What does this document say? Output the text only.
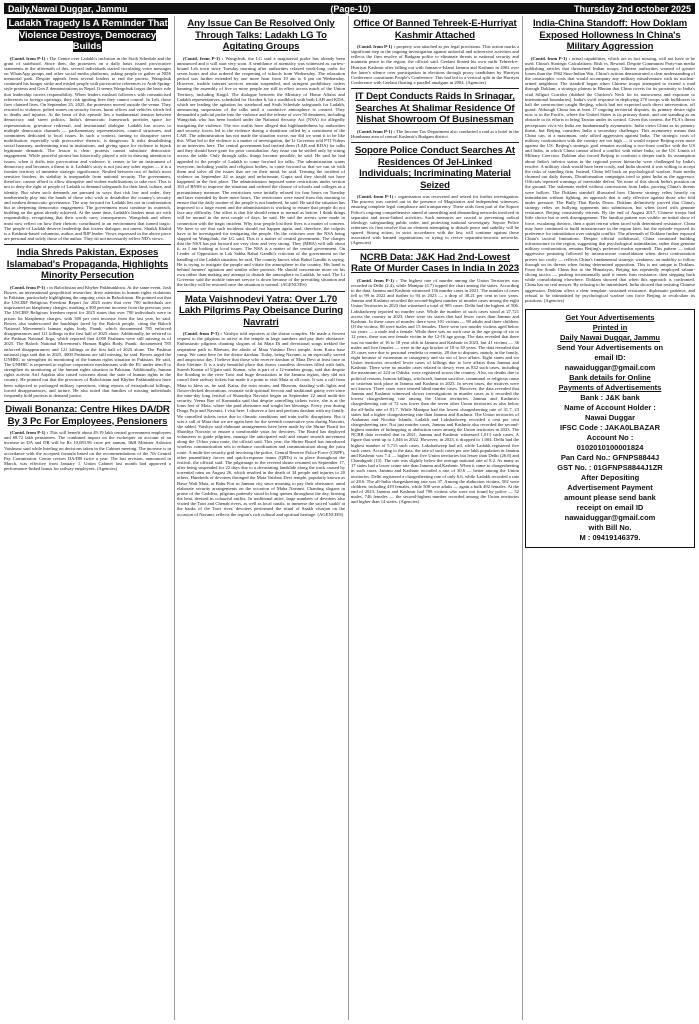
Daily,Nawai Duggar, Jammu	(Page-10)	Thursday 2nd october 2025
Ladakh Tragedy Is A Reminder That Violence Destroys, Democracy Builds

(Contd. from P-1) : The Centre over Ladakh's inclusion in the Sixth Schedule and the grant of statehood. Since then, the protesters on a daily basis issued provocative statements in the aftermath of this, several individuals started circulating voice messages on WhatsApp groups and other social media platforms, asking people to gather at NDS memorial park. Despite appeals from several leaders to end the protest, Wangchuk continued his hunger strike and misled people with provocative references to Arab Spring-style protests and Gen Z demonstrations in Nepal. It seems Wangchuk forgot the basic rule that leadership carries responsibility. When leaders mislead followers with romanticised references to foreign uprisings, they risk igniting fires they cannot control. In Leh, those fires claimed lives. On September 25, 2025, the protesters moved outside the venue. They resorted to violence, pelted stones on security forces, burnt offices and vehicles which led to deaths and injuries. At the heart of this episode lies a fundamental tension between democracy and street politics. India's democratic framework provides space for representation, grievance redressal, and institutional dialogue. Ladakh has access to multiple democratic channels — parliamentary representatives, council structures, and committees dedicated to local issues. In such a context, turning to disruptive street mobilisation, especially with provocative rhetoric, is dangerous. It risks destabilising social harmony, undermining trust in institutions, and giving space for violence to hijack legitimate demands. The lesson is clear: protests cannot substitute democratic engagement. While peaceful protest has historically played a role in drawing attention to issues, when it drifts into provocation and violence, it ceases to be an instrument of democracy and becomes a threat to it. Ladakh's story is not just any other region — it is a frontier territory of immense strategic significance. Nestled between two of India's most sensitive borders, its stability is inseparable from national security. The government, therefore, cannot afford to allow disruptive and violent mobilisations to take root. This is not to deny the right of people of Ladakh to demand safeguards for their land, culture, and identity. But when such demands are pursued in ways that risk law and order, they inadvertently play into the hands of those who wish to destabilise the country's security and weaken democratic governance. The way forward for Ladakh lies not in confrontation but in deepening democratic engagement. The government must continue its outreach, building on the gains already achieved. At the same time, Ladakh's leaders must act with responsibility, recognising that their words carry consequences. Wangchuk and others must now reflect on how their rhetoric contributed to an environment that turned tragic. The people of Ladakh deserve leadership that fosters dialogue, not unrest. Shaikh Khalid is a Kashmir-based columnist, author, and BJP leader. Views expressed in the above piece are personal and solely those of the author. They do not necessarily reflect ND's views.

India Shreds Pakistan, Exposes Islamabad's Propaganda, Highlights Minority Persecution

(Contd. from P-1) : in Balochistan and Khyber Pakhtunkhwa. At the same event, Josh Bowes, an international geopolitical researcher, drew attention to human rights violations in Pakistan, particularly highlighting the ongoing crisis in Balochistan. He pointed out that the USCIRF Religious Freedom Report for 2025 notes that over 700 individuals are imprisoned on blasphemy charges, marking a 300 percent increase from the previous year. The USCIRF Religious freedom report for 2025 states that over 700 individuals were in prison for blasphemy charges, with 300 per cent increase from the last year, he said. Bowes also underscored the hardships faced by the Baloch people, citing the Baloch National Movement's human rights body, Paank, which documented 785 enforced disappearances and 121 killings in the first half of 2025 alone. Additionally, he referred to the Pashtun National Jirga, which reported that 4,000 Pashtuns were still missing as of 2025. The Baloch National Movement's Human Rights Body, Paank, documented 785 enforced disappearances and 121 killings in the first half of 2025 alone. The Pashtun national jirga said that in 2025, 4000 Pashtuns are still missing, he said. Bowes urged the UNHRC to strengthen its monitoring of the human rights situation in Pakistan. He said, The UNHRC is requested to explore cooperative mechanisms with the EU under item 8 to strengthen its monitoring of the human rights situation in Pakistan. Additionally, human rights activist Arif Aajakia also raised concerns about the state of human rights in the country. He pointed out that the provinces of Balochistan and Khyber Pakhtunkhwa have been subjected to prolonged military operations, citing reports of extrajudicial killings, forced disappearances, and torture. He also noted that families of missing individuals frequently hold protests to demand justice.

Diwali Bonanza: Centre Hikes DA/DR By 3 Pc For Employees, Pensioners

(Contd. from P-1) : This will benefit about 49.19 lakh central government employees and 68.72 lakh pensioners. The combined impact on the exchequer on account of an increase in DA and DR will be Rs 10,083.96 crore per annum, I&B Minister Ashwini Vaishnaw said while briefing on decisions taken in the Cabinet meeting. The increase is in accordance with the accepted formula based on the recommendations of the 7th Central Pay Commission. Centre revises DA/DR twice a year. The last revision, announced in March, was effective from January 1. Union Cabinet last month had approved a performance-linked bonus for railway employees. (Agencies)

Any Issue Can Be Resolved Only Through Talks: Ladakh LG To Agitating Groups

(Contd. from P-1) : Wangchuk, the LG said a magisterial probe has already been announced and it will start very soon. A semblance of normalcy was witnessed as curfew-bound Leh town since Tuesday morning after authorities relaxed week-long curbs for seven hours and also ordered the reopening of schools from Wednesday. The relaxation period was further extended by one more hour from 10 am to 6 pm on Wednesday. However, mobile internet services remain suspended, and stringent prohibitory orders banning the assembly of five or more people are still in effect across much of the Union Territory, including Kargil. The dialogue between the Ministry of Home Affairs and Ladakh representatives, scheduled for October 6, hit a roadblock with both LAB and KDA, which are leading the agitation for statehood and Sixth Schedule safeguards for Ladakh, announcing suspension of the talks until a conducive atmosphere is created. They demanded a judicial probe into the violence and the release of over 50 detainees, including Wangchuk who has been booked under the National Security Act (NSA) for allegedly instigating the violence. The two outfits have alleged that highhandedness by authorities and security forces led to the violence during a shutdown called by a constituent of the LAB. The administration has not made the situation worse, nor did we want it to be like this. What led to the violence is a matter of investigation, the Lt Governor told PTI Videos in an interview here. The central government had invited them (LAB and KDA) for talks and they should have gone for prior consultation. Any issue can be settled only by sitting across the table. Only through talks, things become possible, he said. He said he had appealed to the people of Ladakh to come forward for talks. The administration wants everyone, including youths and religious bodies, to come forward so that we can sit with them and solve all the issues that are on their mind, he said. Terming the incident of violence on September 24 as tragic and unfortunate, Gupta said they should not have happened in the first place. The administration imposed some restrictions under section 163 of BNSS to improve the situation and ordered the closure of schools and colleges as a precautionary measure. The restrictions were initially relaxed for four hours on Tuesday and later extended by three more hours. The restrictions were eased from this morning to ensure that the daily routine of the people is not hindered, he said. He said the situation has improved to a large extent and the administration is working to ensure that people do not face any difficulty. Our effort is that life should return to normal as before. I think things will be normal in the next couple of days, he said. He said the arrests were made in connection with the tragic incident. Why four people lost their lives is a matter of concern. We have to see that such incidents should not happen again, and, therefore, the culprits have to be investigated for instigating the people. On the criticism over the NSA being slapped on Wangchuk, the LG said, This is a matter of central government. The charges that the NSA has put forward are very clear and very strong. They (MHA) will talk about it, as I am looking at local issues. The NSA is a matter of the central government. On Leader of Opposition in Lok Sabha Rahul Gandhi's criticism of the government on the handling of the Ladakh situation, he said, The country knows what Rahul Gandhi is saying. He is trying to instigate the people and vitiate the atmosphere in the country. His hand is behind farmers' agitation and similar other protests. He should concentrate more on his own rather than making any attempt to disturb the atmosphere in Ladakh, he said. The Lt Governor said the mobile internet service is down because of the prevailing situation and the facility will be restored once the situation is normal. (AGENCIES)

Mata Vaishnodevi Yatra: Over 1.70 Lakh Pilgrims Pay Obeisance During Navratri

(Contd. from P-1) : Vaishyo told reporters at the shrine complex. He made a fervent request to the pilgrims to arrive at the temple in large numbers and pay their obeisance. Enthusiastic pilgrims chanting slogans of Jai Mata Di and devotional songs trekked the serpentine path to Bhawan, the abode of Mata Vaishno Devi temple, from Katra base camp. We came here for the divine darshan. Today, being Navami, is an especially sacred and auspicious day. I believe that those who receive darshan of Mata Devi at least once in their lifetime. It is a truly beautiful place that draws countless devotees filled with faith, Suresh Kumar of Ujjain said. Kumar, who is part of a 12-member group, said that despite the flooding in the river Tawi and huge devastation in the Jammu region, they did not cancel their railway tickets but made it a point to visit Mata at all costs. It was a call from Mata to bless us, he said. Katra, the twin routes, and Bhawan, dazzling with lights and flower-decked decorations, resonate with spiritual fervour and traditional gaiety ever since the nine-day long festival of Sharadiya Navratri began on September 22 amid multi-tier security. Veena Rao of Karnataka said that despite cancelling tickets twice, she is at the lotus feet of Mata, where she paid obeisance and sought her blessings. Every year during Durga Puja and Navratri, I visit here. I observe a fast and perform darshan with my family. We cancelled tickets twice due to climatic conditions and train traffic disruptions. But it was a call of Mata that we are again here for the seventh consecutive year during Navratri, she added. Vaishyo said elaborate arrangements have been made by the Shrine Board for Shardiya Navratri to ensure a comfortable yatra for devotees. The Board has deployed volunteers to guide pilgrims, manage the anticipated rush and ensure smooth movement along the 13-km yatra route, the official said. This year, the Shrine Board has introduced wireless communication sets to enhance coordination and communication along the yatra route. A multi-tier security grid involving the police, Central Reserve Police Force (CRPF), other paramilitary forces and quick-response teams (QRTs) is in place throughout the festival, the official said. The pilgrimage to the revered shrine resumed on September 17, after being suspended for 22 days due to a devastating landslide along the track caused by torrential rains on August 26, which resulted in the death of 34 people and injuries to 20 others. Hundreds of devotees thronged the Mata Vaishno Devi temple, popularly known as Bawe Wali Mata, at Bahu Fort in Jammu city since morning to pay their obeisance, amid elaborate security arrangements on the occasion of Maha Navami. Chanting slogans in praise of the Goddess, pilgrims patiently stood in long queues throughout the day, braving the heat, dressed in colourful outfits. In traditional attire, large numbers of devotees also visited the Tawi and Chenab rivers, as well as local canals, to immerse the sacred 'saakh' at the banks of the Tawi river, devotees performed the ritual of Saakh visarjan on the occasion of Navami, reflects the region's rich cultural and spiritual heritage. (AGENCIES)

Office Of Banned Tehreek-E-Hurriyat Kashmir Attached

(Contd. from P-1) : property was attached as per legal provisions. This action marks a significant step in the ongoing investigation against unlawful and subversive activities and reflects the firm resolve of Budgam police to eliminate threats to national security and maintain peace in the region, the official said. Geelani floated his own outfit Tehreek-e-Hurriyat Kashmir after falling out with Jamaat-e-Islami Jammu and Kashmir in 2002 over the latter's silence over participation in elections through proxy candidates by Hurriyat Conference constituent People's Conference. This had led to a vertical split in the Hurriyat Conference with Geelani floating a parallel amalgam in 2004. (Agencies)

IT Dept Conducts Raids In Srinagar, Searches At Shalimar Residence Of Nishat Showroom Of Businessman

(Contd. from P-1) : The Income Tax Department also conducted a raid at a hotel in the Humhama area of central Kashmir's Budgam district.

Sopore Police Conduct Searches At Residences Of Jel-Linked Individuals; Incriminating Material Seized

(Contd. from P-1) : organisation was recovered and seized for further investigation. The process was carried out in the presence of Magistrates and independent witnesses, ensuring complete legal compliance and transparency. These raids form part of the Sopore Police's ongoing comprehensive aimed at unearthing and dismantling networks involved in separatist and terror-linked activities. Such measures are crucial to preventing radical ideology, safeguarding public order, and protecting national sovereignty. Sopore Police reiterates its firm resolve that no element attempting to disturb peace and stability will be spared. Strong action, in strict accordance with the law, will continue against those associated with banned organisations or trying to revive separatist-terrorist networks. (Agencies)

NCRB Data: J&K Had 2nd-Lowest Rate Of Murder Cases In India In 2023

(Contd. from P-1) : The highest rate of murder among the Union Territories was recorded in Delhi (2.4), while Manipur (4.7) topped the chart among the states. According to the data, Jammu and Kashmir witnessed 136 murder cases in 2021. The number of cases fell to 99 in 2022 and further to 94 in 2023 — a drop of 38.21 per cent in two years. Jammu and Kashmir recorded the second-highest number of murder cases among the eight Union Territories in 2023 that witnessed a total of 905 cases. Delhi had the highest of 506. Lakshadweep reported no murder case. While the number of such cases stood at 27,721 across the country in 2023, there were six states that had fewer cases than Jammu and Kashmir. In these cases of murder, there were 101 victims — 98 adults and three children. Of the victims, 86 were males and 15 females. There were two murder victims aged below six years — a male and a female. While there was no such case in the age group of six to 12 years, there was one female victim in the 12-16 age group. The data revealed that there was no murder of 16 to 18 year olds in Jammu and Kashmir in 2023, but 41 victims — 36 males and five females — were in the age bracket of 18 to 30 years. The data revealed that 23 cases were due to personal vendetta or enmity, 28 due to disputes, mainly in the family, eight because of extremism or insurgency and six out of love affairs. Eight states and six Union territories recorded fewer cases of killings due to love affairs than Jammu and Kashmir. There were no murder cases related to dowry even as 832 such cases, including the maximum of 224 in Odisha, were registered across the country. Also, no deaths due to political reasons, honour killings, witchcraft, human sacrifice, communal or religious cause or casteism took place in Jammu and Kashmir in 2023. In seven cases, the motives were not known. Three cases were termed blind murder cases. However, the data revealed that Jammu and Kashmir witnessed slower investigations in murder cases as it recorded the lowest chargesheeting rate among the Union territories. Jammu and Kashmir's chargesheeting rate of 72 was lower than the seven other Union territories as also below the all-India rate of 81.7. While Manipur had the lowest chargesheeting rate of 31.7, 23 states had a higher chargesheeting rate than Jammu and Kashmir. The Union territories of Andaman and Nicobar Islands, Ladakh and Lakshadweep recorded a cent per cent chargesheeting rate. Not just murder cases, Jammu and Kashmir also recorded the second-highest number of kidnapping or abduction cases among the Union territories in 2023. The NCRB data revealed that in 2021, Jammu and Kashmir witnessed 1,013 such cases. A figure that went up to 1,046 in 2022. However, in 2023, it dropped to 1,004. Delhi had the highest number of 5,715 such cases. Lakshadweep had nil, while Ladakh registered five such cases. According to the data, the rate of such cases per one lakh population in Jammu and Kashmir was 7.4 — higher than five Union territories but lesser than Delhi (26.6) and Chandigarh (13). The rate was slightly below the average national rate of 8.2. As many as 17 states had a lower crime rate than Jammu and Kashmir. When it came to chargesheeting in such cases, Jammu and Kashmir recorded a rate of 30.6 — better among the Union territories. Delhi registered a chargesheeting rate of only 6.6, while Ladakh recorded a rate of 28.6. The all-India chargesheeting rate was 37. Among the abduction victims, 502 were children, including 419 females, while 508 were adults — again a bulk 492 females. At the end of 2023, Jammu and Kashmir had 798 victims who were not found by police — 52 males, 746 females — the second-highest number recorded among the Union territories and higher than 14 states. (Agencies)

India-China Standoff: How Doklam Exposed Hollowness In China's Military Aggression

(Contd. from P-1) : actual capabilities, which are in fact missing, will not have to be used. China's Strategic Calculations: Risk vs. Reward. Despite Communist Party-run media publishing articles that threatened Indian troops, Chinese authorities warned of greater losses than the 1962 Sino-Indian War, China's actions demonstrated a clear understanding of the catastrophic costs that would accompany any military misadventure with its nuclear-armed neighbour. The standoff began when Chinese troops attempted to extend a road through Doklam, a strategic plateau in Bhutan that China covets for its proximity to India's vital Siliguri Corridor (dubbed the Chicken's Neck for its narrowness and exposure to international boundaries). India's swift response in deploying 270 troops with bulldozers to halt the construction caught Beijing, which had not expected such direct intervention, off guard. Although China has at least 17 ongoing territorial disputes, its primary desire right now is in the Pacific, where the United States is its primary threat, and one standing as an obstacle to its efforts to bring Taiwan under its control. Given this context, the PLA's threat perceptions vis-a-vis India are fundamentally asymmetric. India views China as its primary threat, but Beijing considers India a secondary challenger. This asymmetry means that China can, at a maximum, only afford aggression against India. The strategic costs of military confrontation with the country are too high — it would expose Beijing even more against the US. Beijing's strategic goal remains avoiding a two-front conflict with the US and India, in which China cannot afford a conflict with either India, or the US. Limits of Military Coercion. Doklam also forced Beijing to confront a deeper truth. Its assumption about India's inferior status in the regional power hierarchy were challenged by India's resolve. A military clash would have been costly, and India showed it was willing to accept the risks of standing firm. Instead, China fell back on psychological warfare. State media churned out daily threats. Disinformation campaigns tried to paint India as the aggressor. Officials repeated warnings of inevitable defeat. Yet none of this shook India's position on the ground. The stalemate ended without concessions from India, proving China's threats were hollow. The Doklam standoff illustrated how Chinese strategy relies heavily on intimidation without fighting, an approach that is only effective against those who fold under pressure. The Bully That Backs Down. Doklam definitively proved that China's strategy relies on bullying opponents into submission, but when faced with genuine resistance, Beijing consistently retreats. By the end of August 2017, Chinese troops had little choice but to seek disengagement. The familiar pattern was visible: an initial show of force, escalating rhetoric, then a quiet retreat when faced with determined resistance. China may have continued to build infrastructure in the region later, but the episode exposed its preference for intimidation over outright conflict. The aftermath of Doklam further exposed China's tactical limitations. Despite official withdrawal, China continued building infrastructure in the region, suggesting that psychological intimidation, rather than genuine military confrontation, remains Beijing's preferred modus operandi. This pattern — initial aggressive posturing followed by infrastructure consolidation when direct confrontation proves too costly — reflects China's fundamental strategic weakness: an inability to follow through on its threats when facing determined opposition. This is not unique to Doklam. From the South China Sea to the Himalayas, Beijing has repeatedly employed salami-slicing tactics — pushing incrementally until it meets firm resistance, then stepping back while consolidating elsewhere. Doklam showed that when this approach is confronted, China has no real answer. By refusing to be intimidated, India showed that resisting Chinese aggression, Doklam offers a clear template: sustained resistance, diplomatic patience, and refusal to be intimidated by psychological warfare can force Beijing to recalculate its positions. (Agencies)

Get Your Advertisements
Printed in
Daily Nawai Duggar, Jammu
Send Your Advertisements on
email ID:
nawaiduggar@gmail.com
Bank details for Online
Payments of Advertisements
Bank : J&K bank
Name of Account Holder :
Nawai Duggar
IFSC Code : JAKA0LBAZAR
Account No :
0102010100001824
Pan Card No.: GFNPS8844J
GST No. : 01GFNPS8844J1ZR
After Depositing
Advertisement Payment
amount please send bank
receipt on email ID
nawaiduggar@gmail.com
with Bill No.
M : 09419146379.
